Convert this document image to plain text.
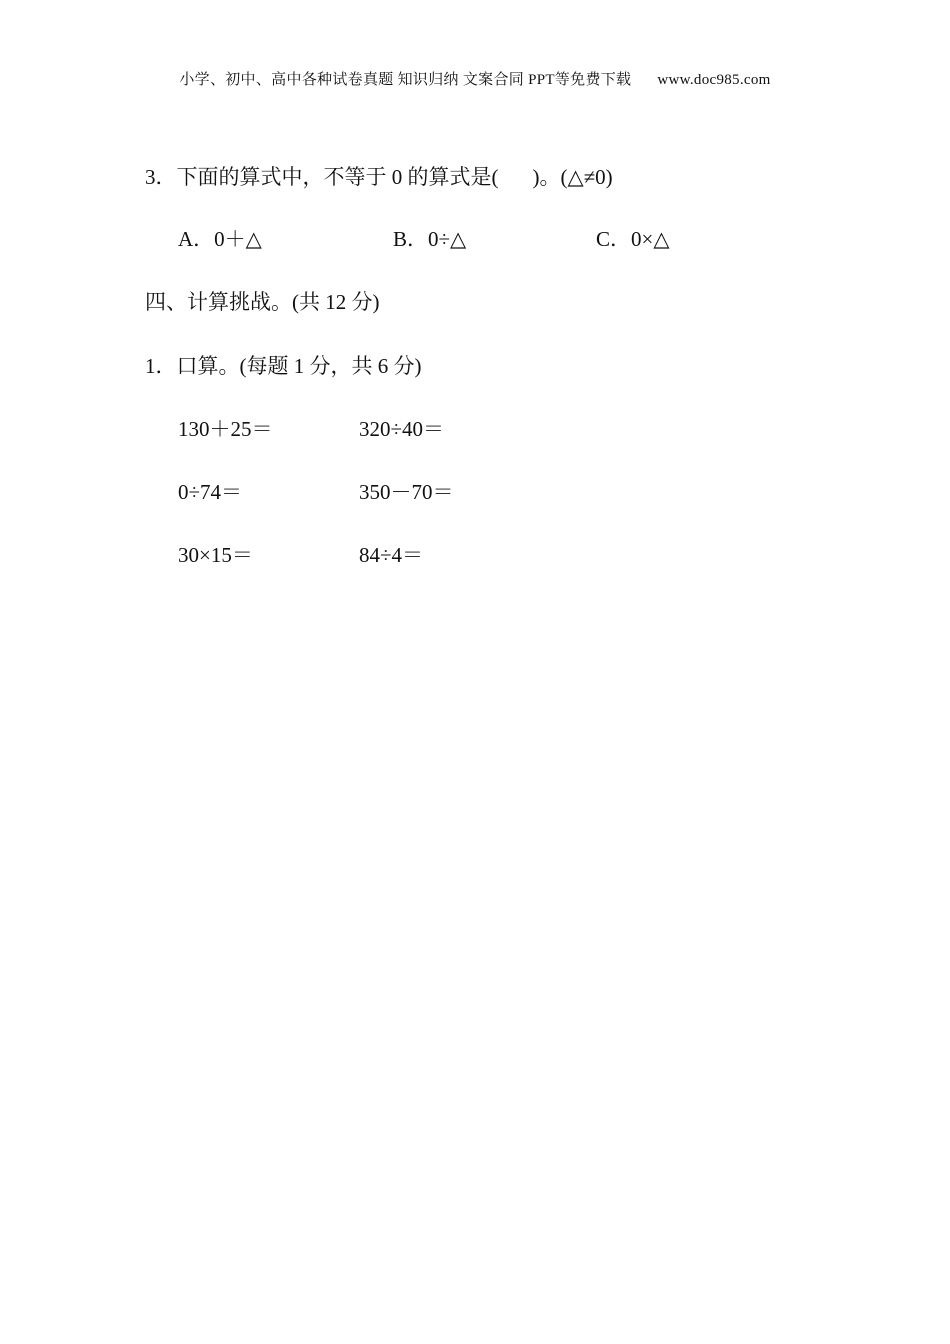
小学、初中、高中各种试卷真题 知识归纳 文案合同 PPT等免费下载 www.doc985.com
3．下面的算式中，不等于 0 的算式是( )。(△≠0)
A．0＋△	B．0÷△	C．0×△
四、计算挑战。(共 12 分)
1．口算。(每题 1 分，共 6 分)
130＋25＝	320÷40＝
0÷74＝	350－70＝
30×15＝	84÷4＝
